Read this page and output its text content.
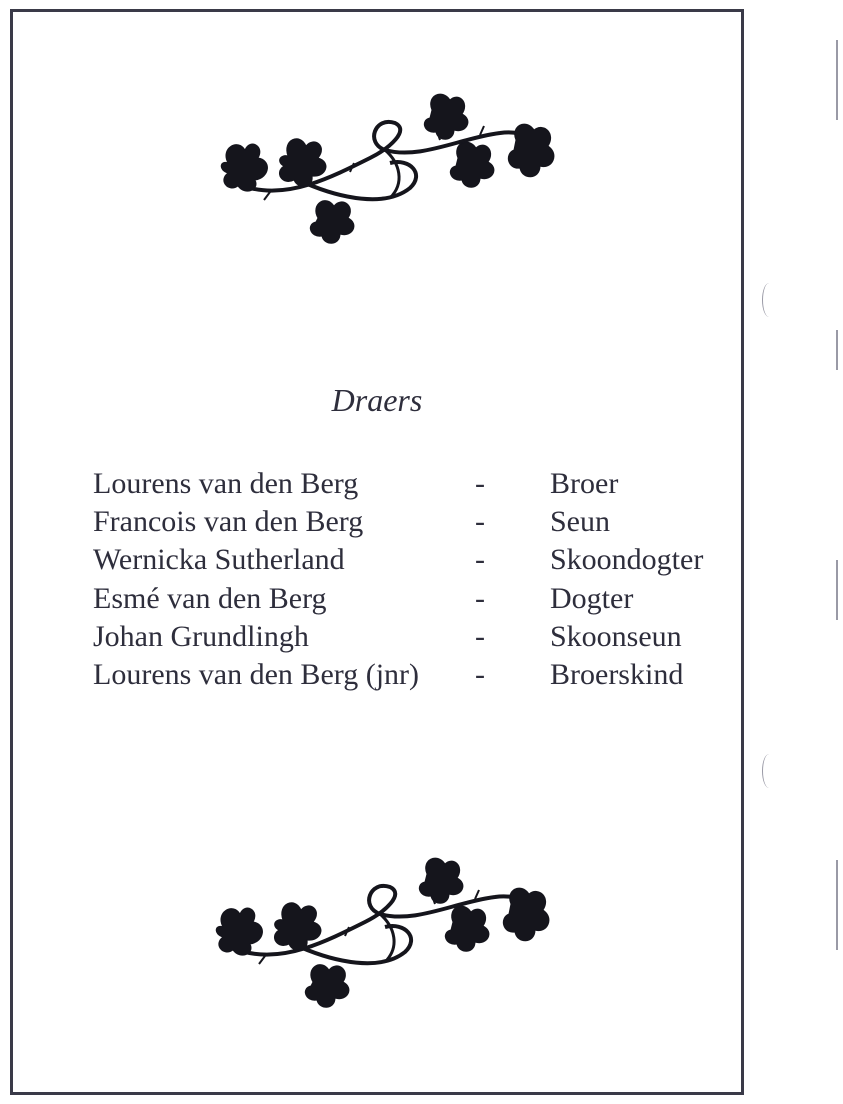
Draers
Lourens van den Berg	- Broer
Francois van den Berg	- Seun
Wernicka Sutherland	- Skoondogter
Esmé van den Berg	- Dogter
Johan Grundlingh	- Skoonseun
Lourens van den Berg (jnr) - Broerskind
